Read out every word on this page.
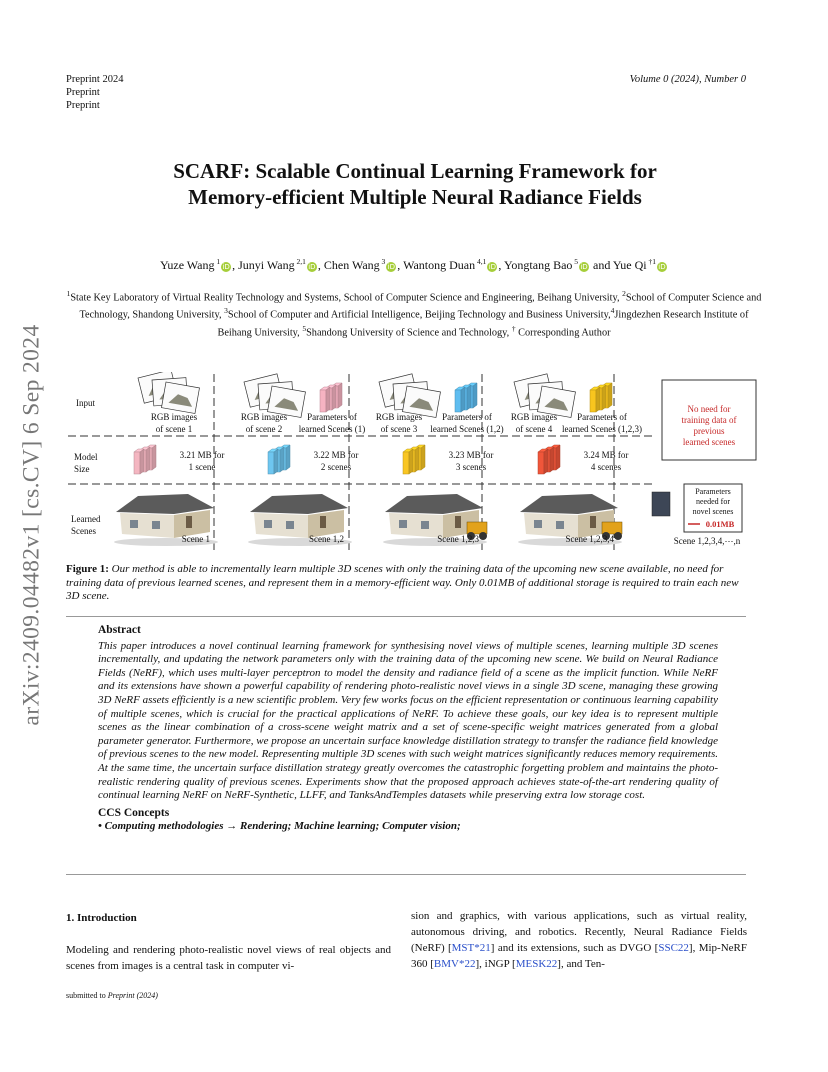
Preprint 2024
Preprint
Preprint
Volume 0 (2024), Number 0
arXiv:2409.04482v1 [cs.CV] 6 Sep 2024
SCARF: Scalable Continual Learning Framework for
Memory-efficient Multiple Neural Radiance Fields
Yuze Wang $^1$iD , Junyi Wang $^{2,1}$iD , Chen Wang $^3$iD , Wantong Duan $^{4,1}$iD , Yongtang Bao $^5$iD and Yue Qi $^{\dagger 1}$iD
$^1$State Key Laboratory of Virtual Reality Technology and Systems, School of Computer Science and Engineering, Beihang University, $^2$School of Computer Science and Technology, Shandong University, $^3$School of Computer and Artificial Intelligence, Beijing Technology and Business University,$^4$Jingdezhen Research Institute of Beihang University, $^5$Shandong University of Science and Technology, † Corresponding Author
Input
Model
Size
Learned
Scenes
RGB images
of scene 1
3.21 MB for
1 scene
Scene 1
RGB images
of scene 2
Parameters of
learned Scenes (1)
3.22 MB for
2 scenes
Scene 1,2
RGB images
of scene 3
Parameters of
learned Scenes (1,2)
3.23 MB for
3 scenes
Scene 1,2,3
RGB images
of scene 4
Parameters of
learned Scenes (1,2,3)
3.24 MB for
4 scenes
Scene 1,2,3,4
No need for
training data of
previous
learned scenes
Parameters
needed for
novel scenes
0.01MB
Scene 1,2,3,4,⋯,n
Figure 1: Our method is able to incrementally learn multiple 3D scenes with only the training data of the upcoming new scene available, no need for training data of previous learned scenes, and represent them in a memory-efficient way. Only 0.01MB of additional storage is required to train each new 3D scene.
Abstract
This paper introduces a novel continual learning framework for synthesising novel views of multiple scenes, learning multiple 3D scenes incrementally, and updating the network parameters only with the training data of the upcoming new scene. We build on Neural Radiance Fields (NeRF), which uses multi-layer perceptron to model the density and radiance field of a scene as the implicit function. While NeRF and its extensions have shown a powerful capability of rendering photo-realistic novel views in a single 3D scene, managing these growing 3D NeRF assets efficiently is a new scientific problem. Very few works focus on the efficient representation or continuous learning capability of multiple scenes, which is crucial for the practical applications of NeRF. To achieve these goals, our key idea is to represent multiple scenes as the linear combination of a cross-scene weight matrix and a set of scene-specific weight matrices generated from a global parameter generator. Furthermore, we propose an uncertain surface knowledge distillation strategy to transfer the radiance field knowledge of previous scenes to the new model. Representing multiple 3D scenes with such weight matrices significantly reduces memory requirements. At the same time, the uncertain surface distillation strategy greatly overcomes the catastrophic forgetting problem and maintains the photo-realistic rendering quality of previous scenes. Experiments show that the proposed approach achieves state-of-the-art rendering quality of continual learning NeRF on NeRF-Synthetic, LLFF, and TanksAndTemples datasets while preserving extra low storage cost.
CCS Concepts
• Computing methodologies → Rendering; Machine learning; Computer vision;
1. Introduction
Modeling and rendering photo-realistic novel views of real objects and scenes from images is a central task in computer vi-
sion and graphics, with various applications, such as virtual reality, autonomous driving, and robotics. Recently, Neural Radiance Fields (NeRF) [MST*21] and its extensions, such as DVGO [SSC22], Mip-NeRF 360 [BMV*22], iNGP [MESK22], and Ten-
submitted to Preprint (2024)
